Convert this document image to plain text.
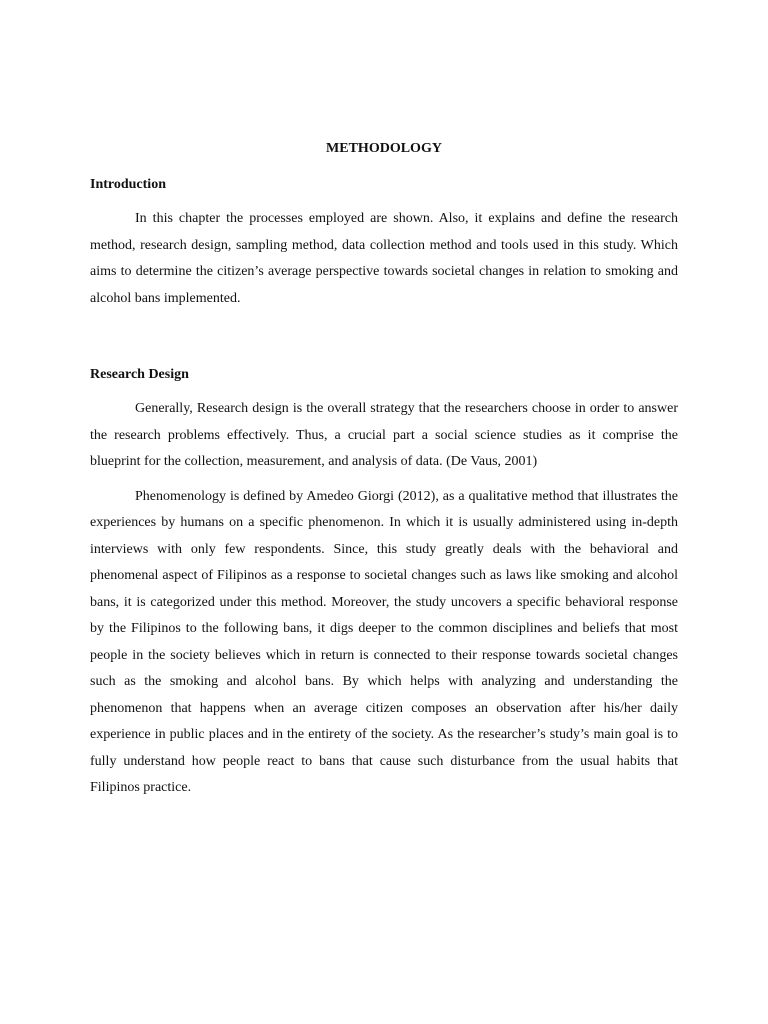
METHODOLOGY
Introduction

In this chapter the processes employed are shown. Also, it explains and define the research method, research design, sampling method, data collection method and tools used in this study. Which aims to determine the citizen’s average perspective towards societal changes in relation to smoking and alcohol bans implemented.

Research Design

Generally, Research design is the overall strategy that the researchers choose in order to answer the research problems effectively. Thus, a crucial part a social science studies as it comprise the blueprint for the collection, measurement, and analysis of data. (De Vaus, 2001)

Phenomenology is defined by Amedeo Giorgi (2012), as a qualitative method that illustrates the experiences by humans on a specific phenomenon. In which it is usually administered using in-depth interviews with only few respondents. Since, this study greatly deals with the behavioral and phenomenal aspect of Filipinos as a response to societal changes such as laws like smoking and alcohol bans, it is categorized under this method. Moreover, the study uncovers a specific behavioral response by the Filipinos to the following bans, it digs deeper to the common disciplines and beliefs that most people in the society believes which in return is connected to their response towards societal changes such as the smoking and alcohol bans. By which helps with analyzing and understanding the phenomenon that happens when an average citizen composes an observation after his/her daily experience in public places and in the entirety of the society. As the researcher’s study’s main goal is to fully understand how people react to bans that cause such disturbance from the usual habits that Filipinos practice.
